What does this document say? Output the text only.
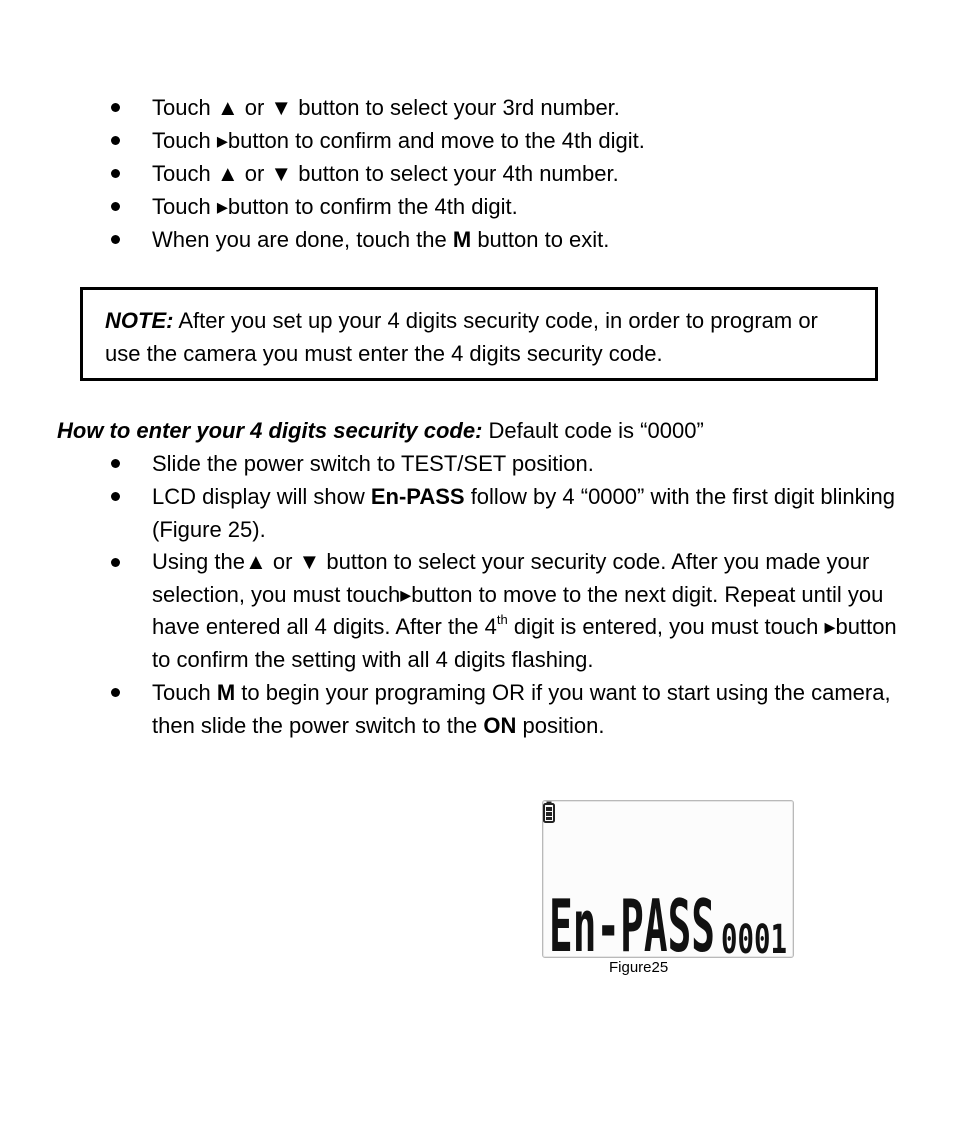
Touch ▲ or ▼ button to select your 3rd number.
Touch ▸button to confirm and move to the 4th digit.
Touch ▲ or ▼ button to select your 4th number.
Touch ▸button to confirm the 4th digit.
When you are done, touch the M button to exit.

NOTE: After you set up your 4 digits security code, in order to program or use the camera you must enter the 4 digits security code.

How to enter your 4 digits security code: Default code is “0000”
Slide the power switch to TEST/SET position.
LCD display will show En-PASS follow by 4 “0000” with the first digit blinking (Figure 25).
Using the▲ or ▼ button to select your security code. After you made your selection, you must touch▸button to move to the next digit. Repeat until you have entered all 4 digits. After the 4th digit is entered, you must touch ▸button to confirm the setting with all 4 digits flashing.
Touch M to begin your programing OR if you want to start using the camera, then slide the power switch to the ON position.
En-PASS 0001
Figure25
